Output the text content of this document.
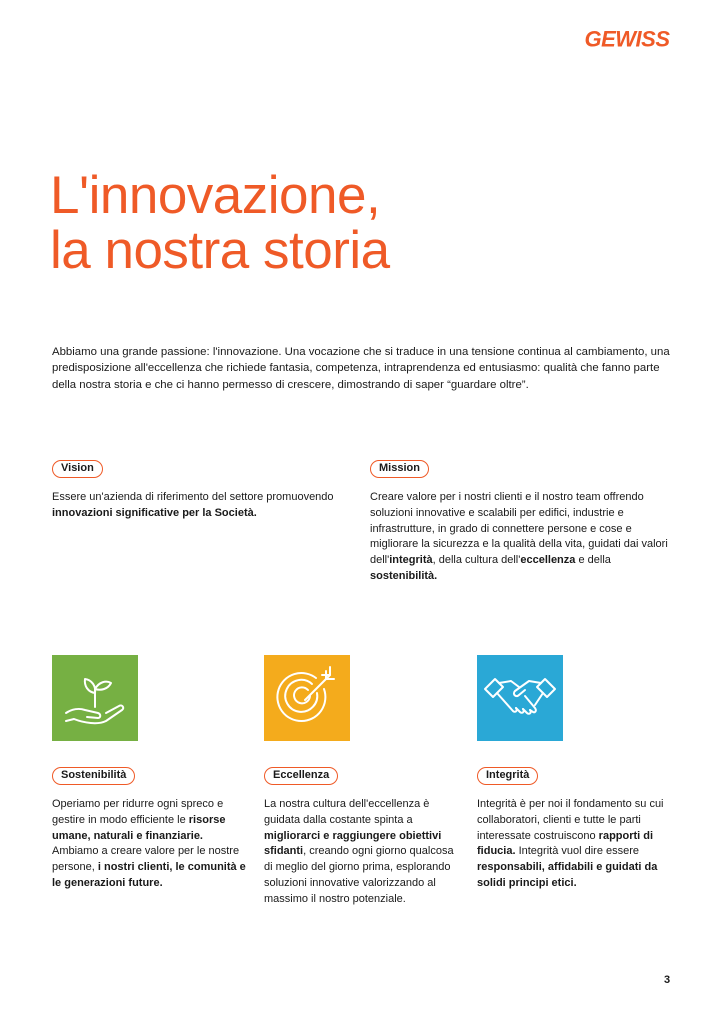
GEWISS
L'innovazione,
la nostra storia

Abbiamo una grande passione: l'innovazione. Una vocazione che si traduce in una tensione continua al cambiamento, una predisposizione all'eccellenza che richiede fantasia, competenza, intraprendenza ed entusiasmo: qualità che fanno parte della nostra storia e che ci hanno permesso di crescere, dimostrando di saper “guardare oltre”.

Vision

Essere un'azienda di riferimento del settore promuovendo innovazioni significative per la Società.

Mission

Creare valore per i nostri clienti e il nostro team offrendo soluzioni innovative e scalabili per edifici, industrie e infrastrutture, in grado di connettere persone e cose e migliorare la sicurezza e la qualità della vita, guidati dai valori dell'integrità, della cultura dell'eccellenza e della sostenibilità.

Sostenibilità

Operiamo per ridurre ogni spreco e gestire in modo efficiente le risorse umane, naturali e finanziarie. Ambiamo a creare valore per le nostre persone, i nostri clienti, le comunità e le generazioni future.

Eccellenza

La nostra cultura dell'eccellenza è guidata dalla costante spinta a migliorarci e raggiungere obiettivi sfidanti, creando ogni giorno qualcosa di meglio del giorno prima, esplorando soluzioni innovative valorizzando al massimo il nostro potenziale.

Integrità

Integrità è per noi il fondamento su cui collaboratori, clienti e tutte le parti interessate costruiscono rapporti di fiducia. Integrità vuol dire essere responsabili, affidabili e guidati da solidi principi etici.

3
